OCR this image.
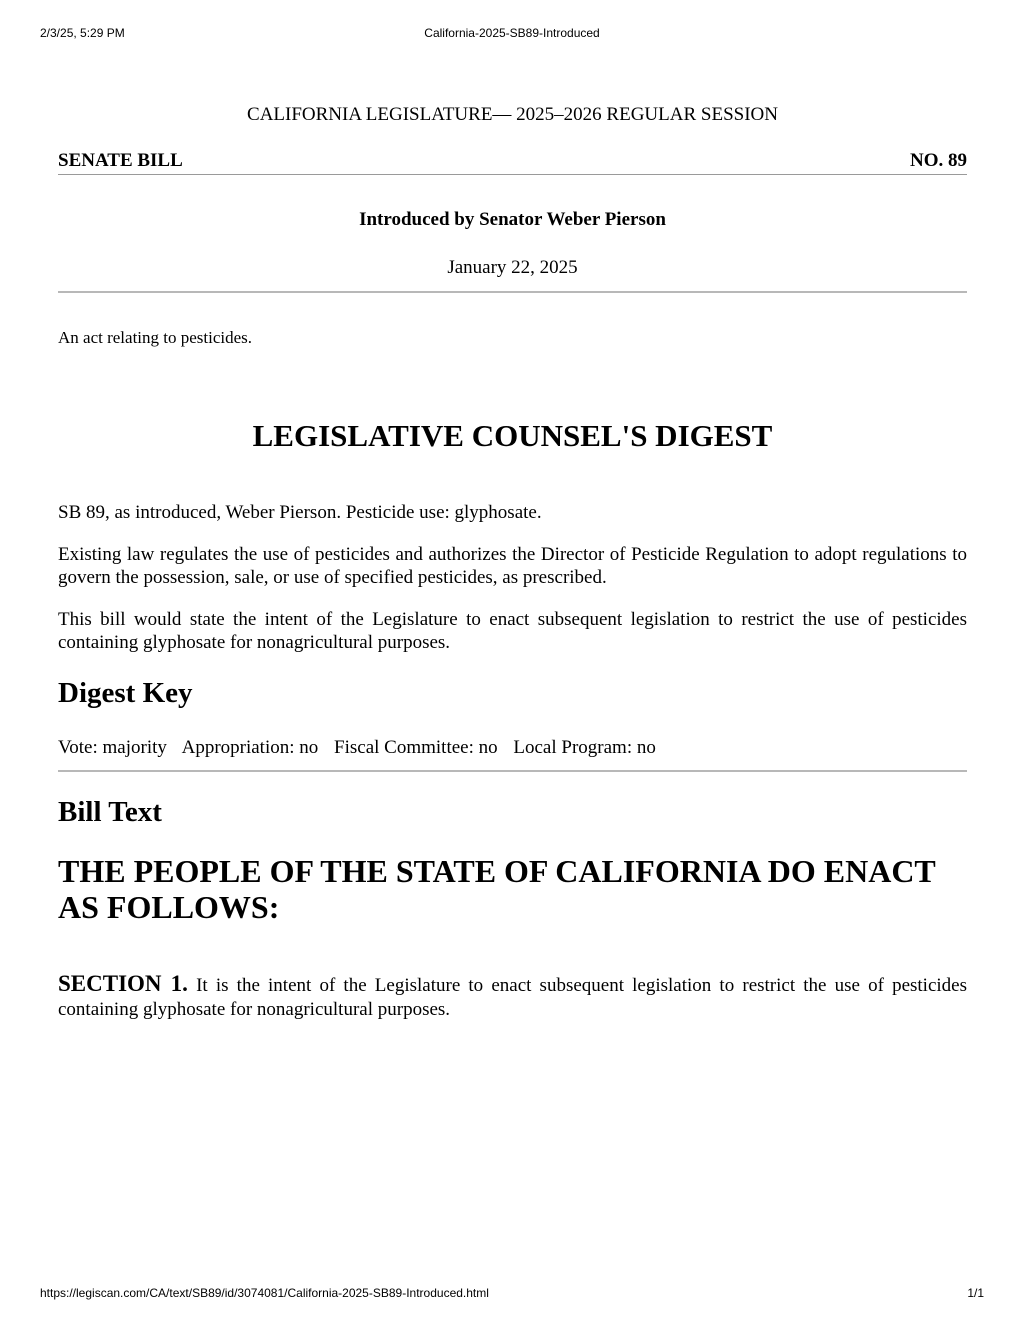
2/3/25, 5:29 PM	California-2025-SB89-Introduced
CALIFORNIA LEGISLATURE— 2025–2026 REGULAR SESSION
SENATE BILL	NO. 89
Introduced by Senator Weber Pierson
January 22, 2025
An act relating to pesticides.
LEGISLATIVE COUNSEL'S DIGEST
SB 89, as introduced, Weber Pierson. Pesticide use: glyphosate.
Existing law regulates the use of pesticides and authorizes the Director of Pesticide Regulation to adopt regulations to govern the possession, sale, or use of specified pesticides, as prescribed.
This bill would state the intent of the Legislature to enact subsequent legislation to restrict the use of pesticides containing glyphosate for nonagricultural purposes.
Digest Key
Vote: majority Appropriation: no Fiscal Committee: no Local Program: no
Bill Text
THE PEOPLE OF THE STATE OF CALIFORNIA DO ENACT AS FOLLOWS:
SECTION 1. It is the intent of the Legislature to enact subsequent legislation to restrict the use of pesticides containing glyphosate for nonagricultural purposes.
https://legiscan.com/CA/text/SB89/id/3074081/California-2025-SB89-Introduced.html	1/1
